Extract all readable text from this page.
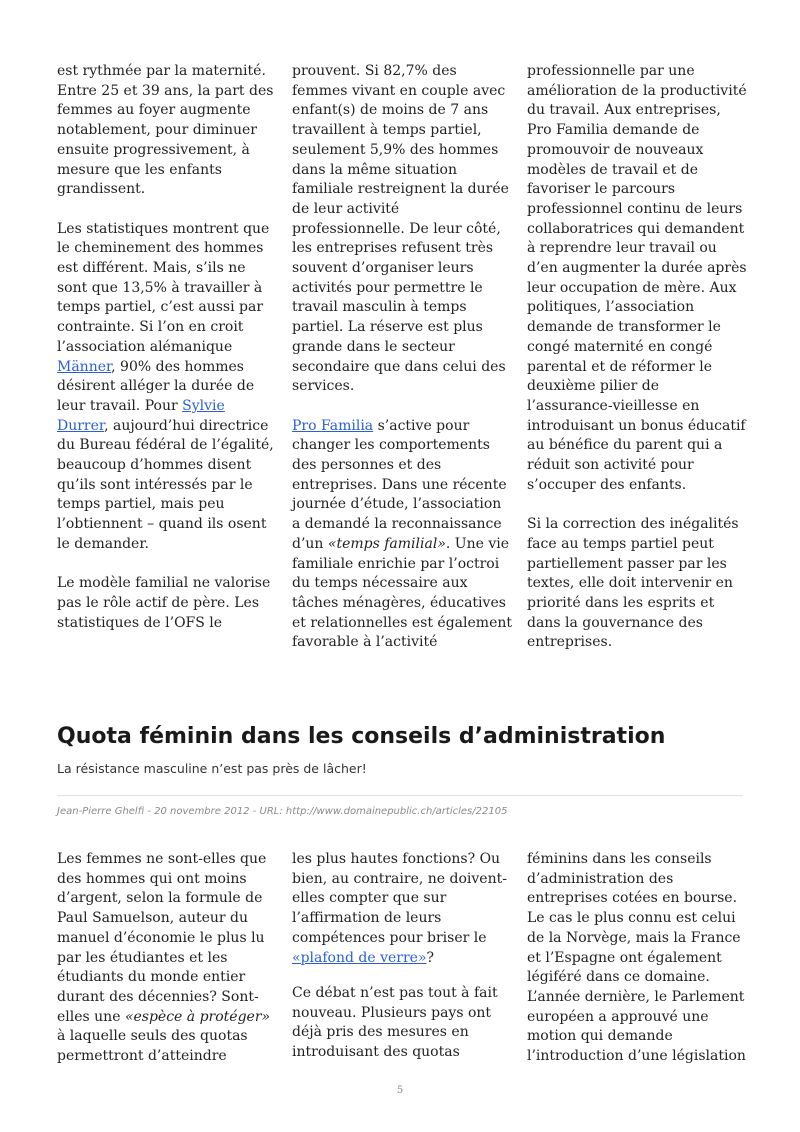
est rythmée par la maternité. Entre 25 et 39 ans, la part des femmes au foyer augmente notablement, pour diminuer ensuite progressivement, à mesure que les enfants grandissent.

Les statistiques montrent que le cheminement des hommes est différent. Mais, s’ils ne sont que 13,5% à travailler à temps partiel, c’est aussi par contrainte. Si l’on en croit l’association alémanique Männer, 90% des hommes désirent alléger la durée de leur travail. Pour Sylvie Durrer, aujourd’hui directrice du Bureau fédéral de l’égalité, beaucoup d’hommes disent qu’ils sont intéressés par le temps partiel, mais peu l’obtiennent – quand ils osent le demander.

Le modèle familial ne valorise pas le rôle actif de père. Les statistiques de l’OFS le

prouvent. Si 82,7% des femmes vivant en couple avec enfant(s) de moins de 7 ans travaillent à temps partiel, seulement 5,9% des hommes dans la même situation familiale restreignent la durée de leur activité professionnelle. De leur côté, les entreprises refusent très souvent d’organiser leurs activités pour permettre le travail masculin à temps partiel. La réserve est plus grande dans le secteur secondaire que dans celui des services.

Pro Familia s’active pour changer les comportements des personnes et des entreprises. Dans une récente journée d’étude, l’association a demandé la reconnaissance d’un «temps familial». Une vie familiale enrichie par l’octroi du temps nécessaire aux tâches ménagères, éducatives et relationnelles est également favorable à l’activité

professionnelle par une amélioration de la productivité du travail. Aux entreprises, Pro Familia demande de promouvoir de nouveaux modèles de travail et de favoriser le parcours professionnel continu de leurs collaboratrices qui demandent à reprendre leur travail ou d’en augmenter la durée après leur occupation de mère. Aux politiques, l’association demande de transformer le congé maternité en congé parental et de réformer le deuxième pilier de l’assurance-vieillesse en introduisant un bonus éducatif au bénéfice du parent qui a réduit son activité pour s’occuper des enfants.

Si la correction des inégalités face au temps partiel peut partiellement passer par les textes, elle doit intervenir en priorité dans les esprits et dans la gouvernance des entreprises.

Quota féminin dans les conseils d’administration

La résistance masculine n’est pas près de lâcher!

Jean-Pierre Ghelfi - 20 novembre 2012 - URL: http://www.domainepublic.ch/articles/22105

Les femmes ne sont-elles que des hommes qui ont moins d’argent, selon la formule de Paul Samuelson, auteur du manuel d’économie le plus lu par les étudiantes et les étudiants du monde entier durant des décennies? Sont-elles une «espèce à protéger» à laquelle seuls des quotas permettront d’atteindre

les plus hautes fonctions? Ou bien, au contraire, ne doivent-elles compter que sur l’affirmation de leurs compétences pour briser le «plafond de verre»?

Ce débat n’est pas tout à fait nouveau. Plusieurs pays ont déjà pris des mesures en introduisant des quotas

féminins dans les conseils d’administration des entreprises cotées en bourse. Le cas le plus connu est celui de la Norvège, mais la France et l’Espagne ont également légiféré dans ce domaine. L’année dernière, le Parlement européen a approuvé une motion qui demande l’introduction d’une législation

5
